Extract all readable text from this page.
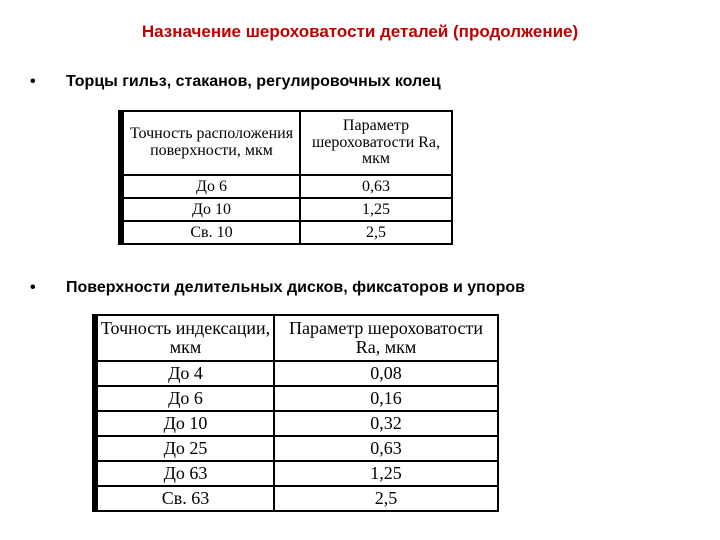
Назначение шероховатости деталей (продолжение)
•	Торцы гильз, стаканов, регулировочных колец
Точность расположения поверхности, мкм	Параметр шероховатости Ra, мкм
До 6	0,63
До 10	1,25
Св. 10	2,5
•	Поверхности делительных дисков, фиксаторов и упоров
Точность индексации, мкм	Параметр шероховатости Ra, мкм
До 4	0,08
До 6	0,16
До 10	0,32
До 25	0,63
До 63	1,25
Св. 63	2,5
